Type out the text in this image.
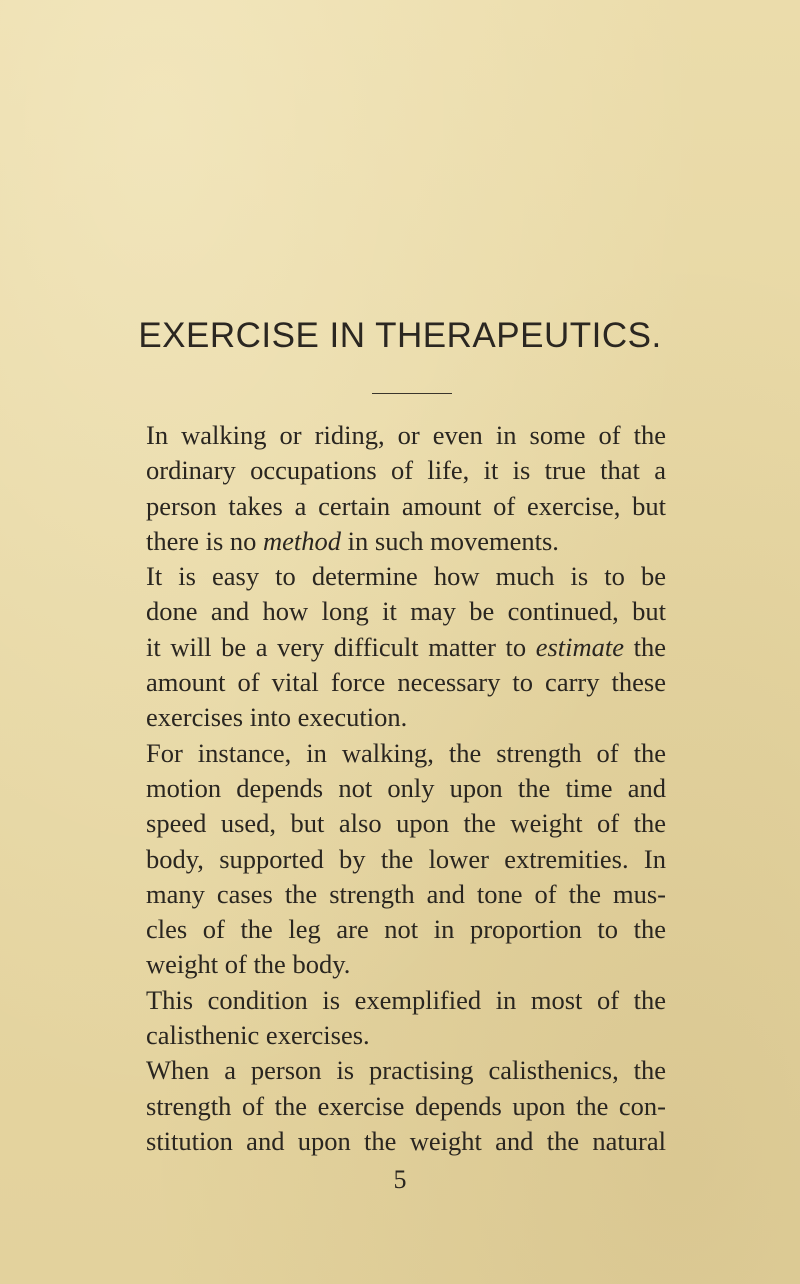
EXERCISE IN THERAPEUTICS.
In walking or riding, or even in some of the
ordinary occupations of life, it is true that a
person takes a certain amount of exercise, but
there is no method in such movements.
It is easy to determine how much is to be
done and how long it may be continued, but
it will be a very difficult matter to estimate the
amount of vital force necessary to carry these
exercises into execution.
For instance, in walking, the strength of the
motion depends not only upon the time and
speed used, but also upon the weight of the
body, supported by the lower extremities. In
many cases the strength and tone of the mus-
cles of the leg are not in proportion to the
weight of the body.
This condition is exemplified in most of the
calisthenic exercises.
When a person is practising calisthenics, the
strength of the exercise depends upon the con-
stitution and upon the weight and the natural
5
